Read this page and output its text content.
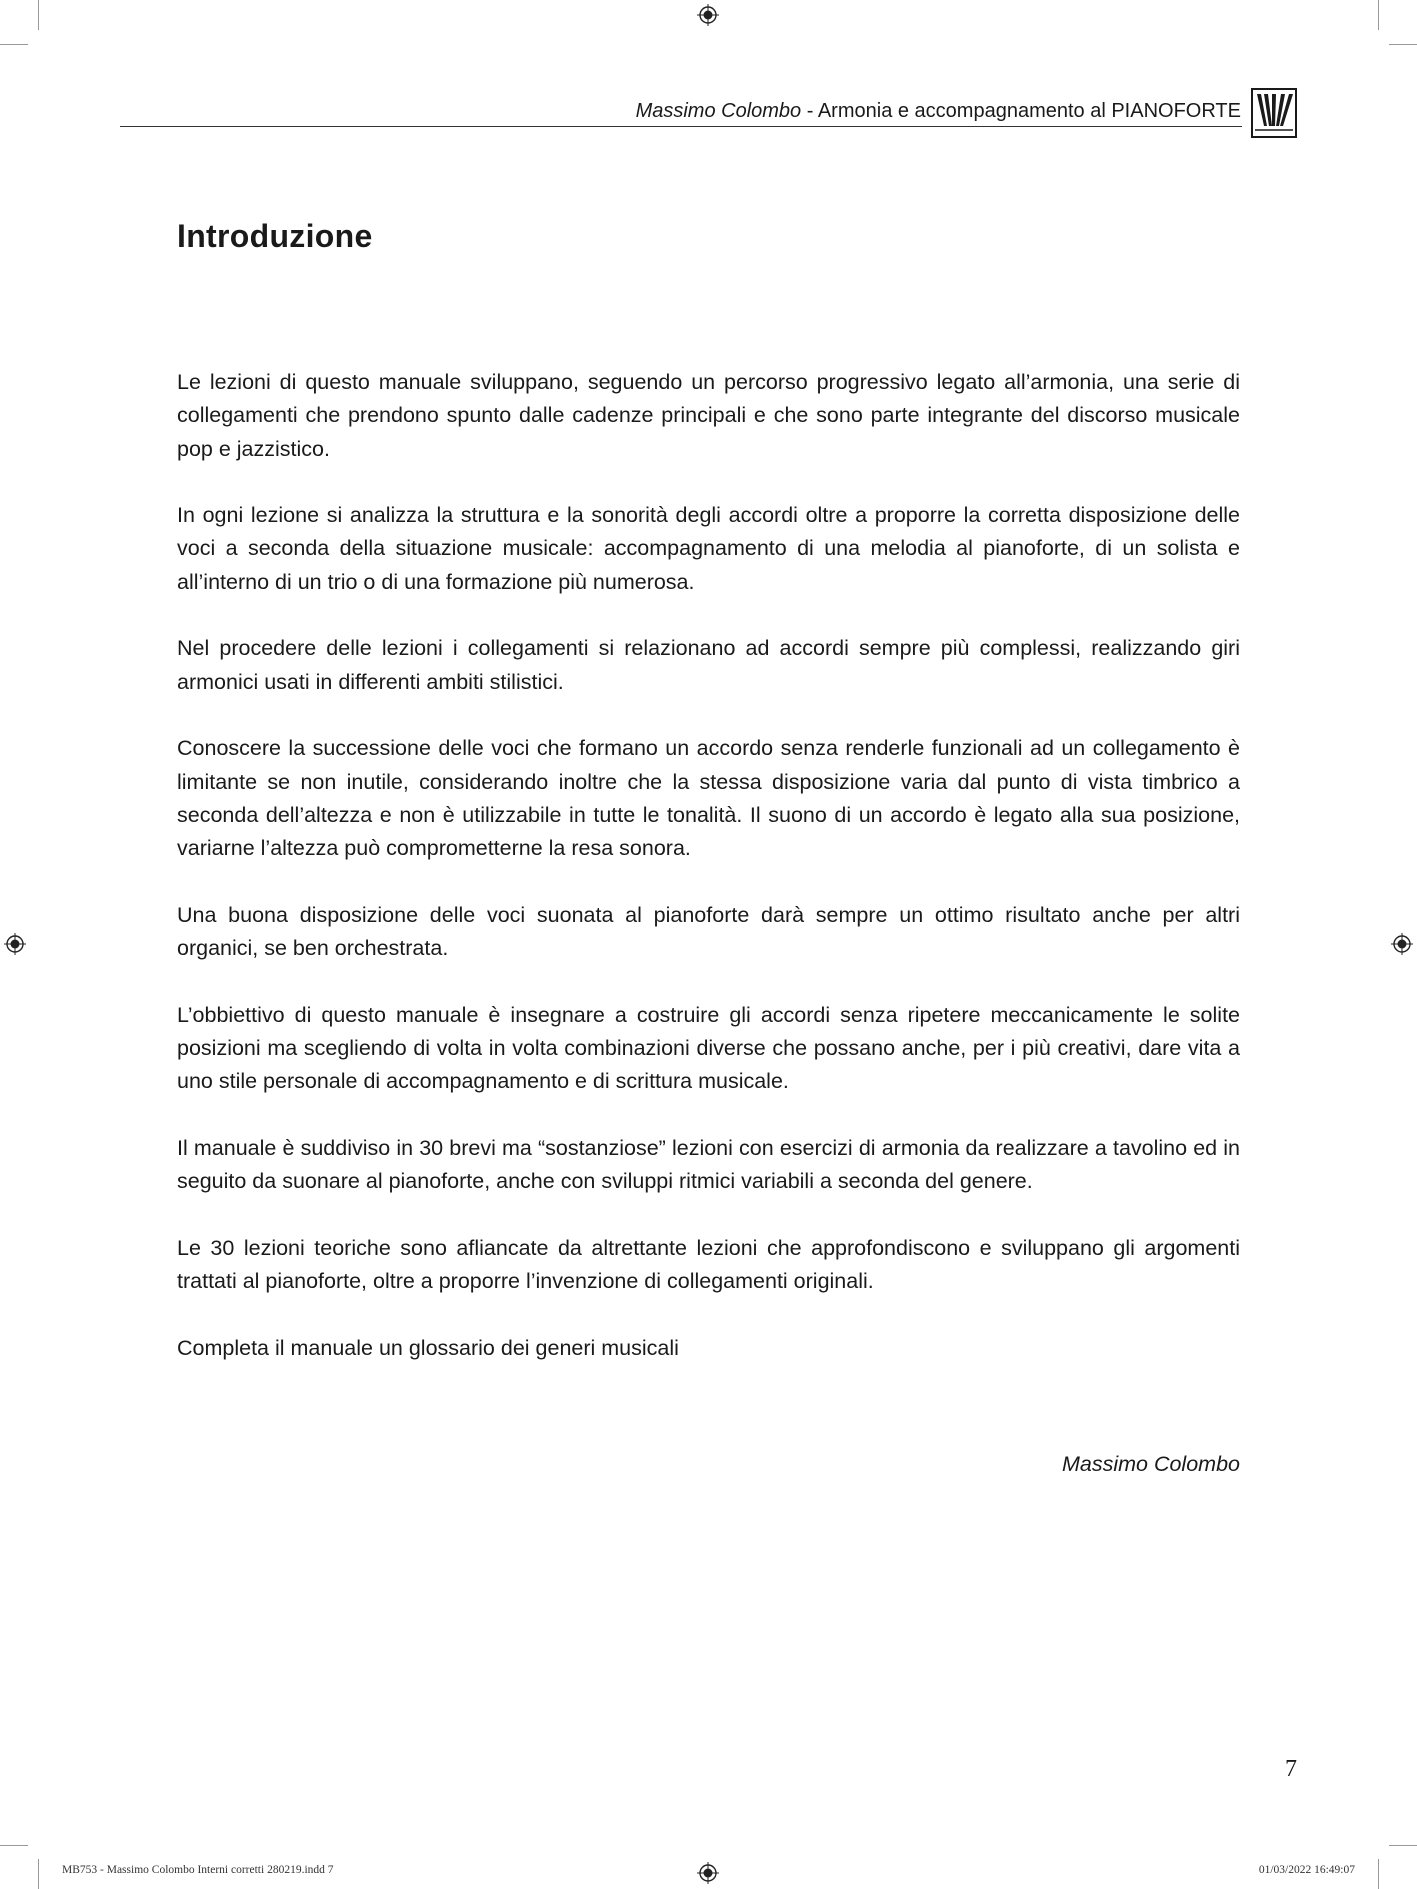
Massimo Colombo - Armonia e accompagnamento al PIANOFORTE
Introduzione

Le lezioni di questo manuale sviluppano, seguendo un percorso progressivo legato all’armonia, una serie di collegamenti che prendono spunto dalle cadenze principali e che sono parte integrante del discorso musicale pop e jazzistico.

In ogni lezione si analizza la struttura e la sonorità degli accordi oltre a proporre la corretta disposizione delle voci a seconda della situazione musicale: accompagnamento di una melodia al pianoforte, di un solista e all’interno di un trio o di una formazione più numerosa.

Nel procedere delle lezioni i collegamenti si relazionano ad accordi sempre più complessi, realizzando giri armonici usati in differenti ambiti stilistici.

Conoscere la successione delle voci che formano un accordo senza renderle funzionali ad un collegamento è limitante se non inutile, considerando inoltre che la stessa disposizione varia dal punto di vista timbrico a seconda dell’altezza e non è utilizzabile in tutte le tonalità. Il suono di un accordo è legato alla sua posizione, variarne l’altezza può comprometterne la resa sonora.

Una buona disposizione delle voci suonata al pianoforte darà sempre un ottimo risultato anche per altri organici, se ben orchestrata.

L’obbiettivo di questo manuale è insegnare a costruire gli accordi senza ripetere meccanicamente le solite posizioni ma scegliendo di volta in volta combinazioni diverse che possano anche, per i più creativi, dare vita a uno stile personale di accompagnamento e di scrittura musicale.

Il manuale è suddiviso in 30 brevi ma “sostanziose” lezioni con esercizi di armonia da realizzare a tavolino ed in seguito da suonare al pianoforte, anche con sviluppi ritmici variabili a seconda del genere.

Le 30 lezioni teoriche sono afliancate da altrettante lezioni che approfondiscono e sviluppano gli argomenti trattati al pianoforte, oltre a proporre l’invenzione di collegamenti originali.

Completa il manuale un glossario dei generi musicali

Massimo Colombo
7
MB753 - Massimo Colombo Interni corretti 280219.indd 7	01/03/2022 16:49:07
